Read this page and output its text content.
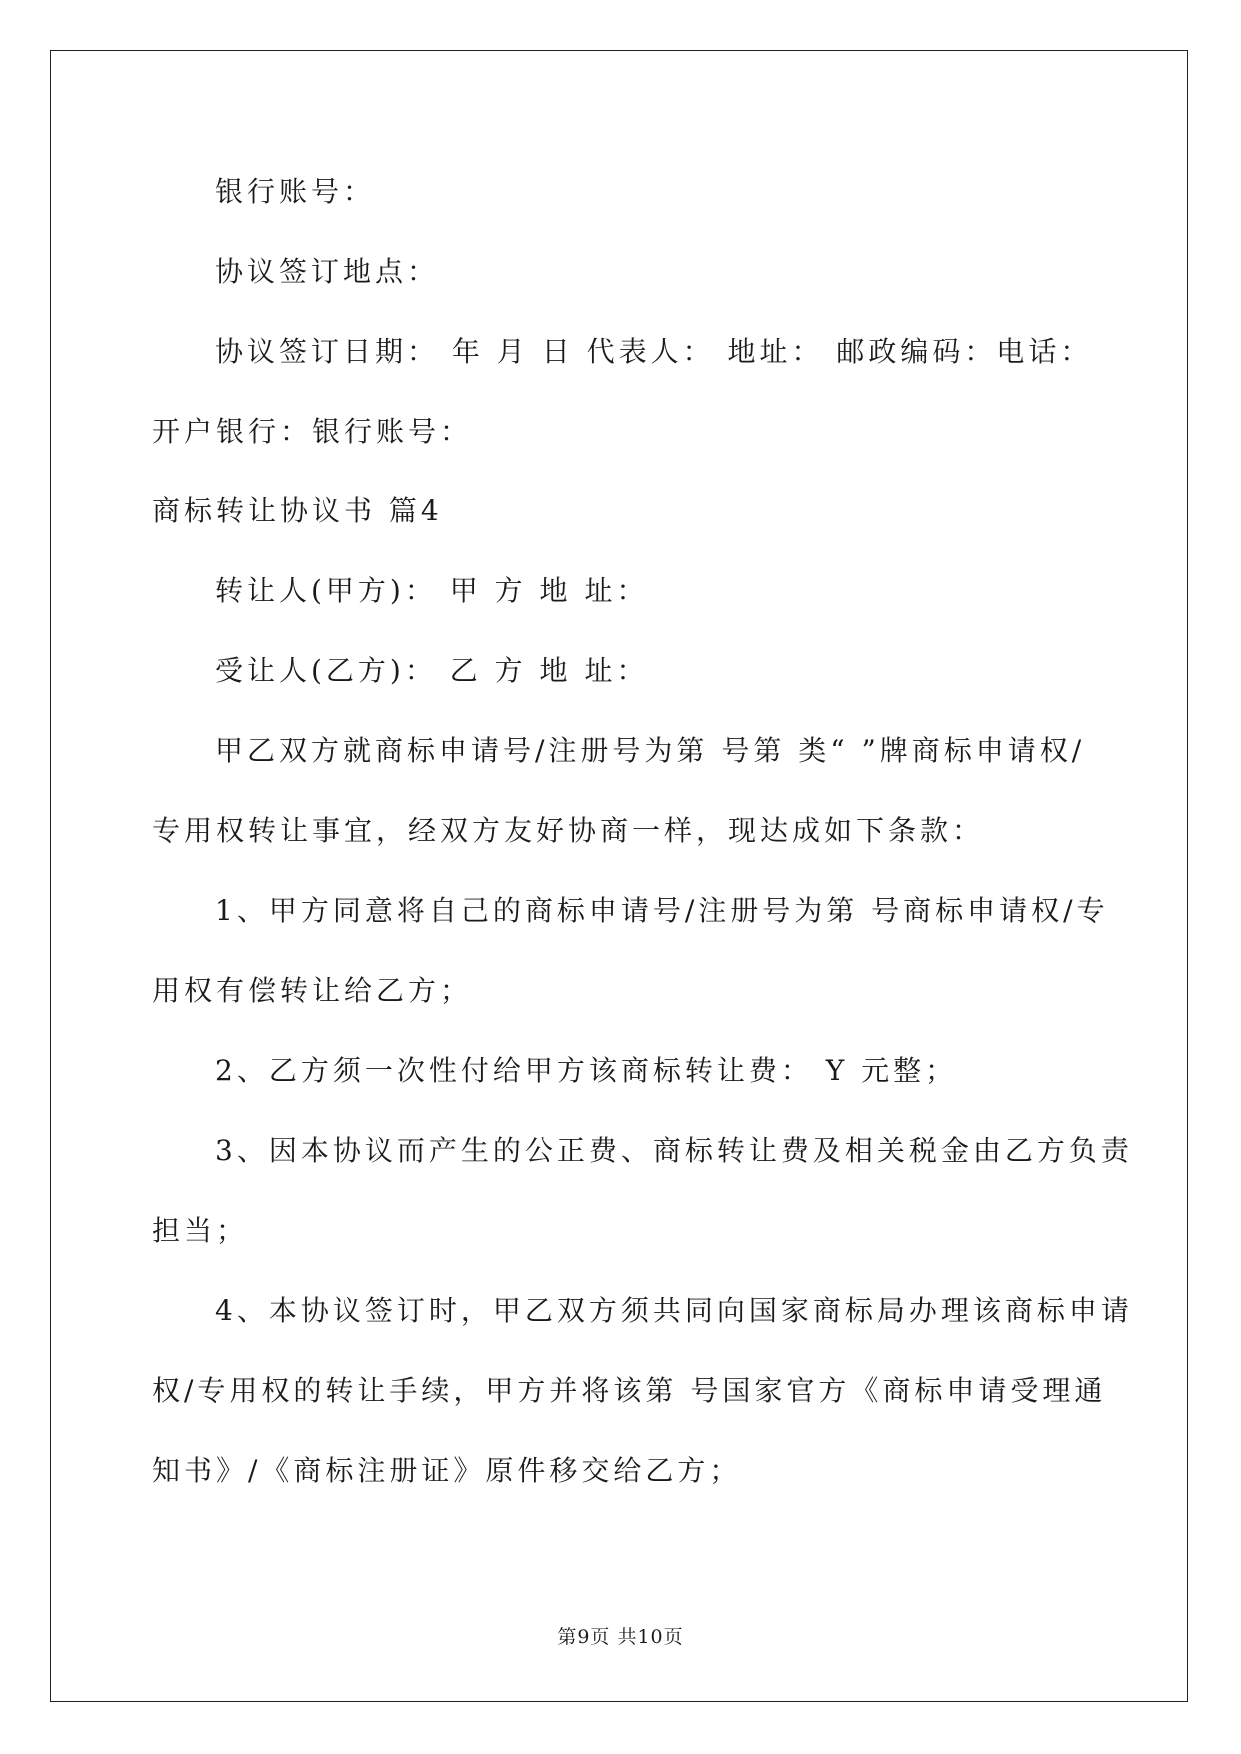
银行账号：
协议签订地点：
协议签订日期： 年 月 日 代表人： 地址： 邮政编码：电话：
开户银行：银行账号：
商标转让协议书 篇4
转让人(甲方)： 甲 方 地 址：
受让人(乙方)： 乙 方 地 址：
甲乙双方就商标申请号/注册号为第 号第 类“ ”牌商标申请权/
专用权转让事宜，经双方友好协商一样，现达成如下条款：
1、甲方同意将自己的商标申请号/注册号为第 号商标申请权/专
用权有偿转让给乙方；
2、乙方须一次性付给甲方该商标转让费： Y 元整；
3、因本协议而产生的公正费、商标转让费及相关税金由乙方负责
担当；
4、本协议签订时，甲乙双方须共同向国家商标局办理该商标申请
权/专用权的转让手续，甲方并将该第 号国家官方《商标申请受理通
知书》/《商标注册证》原件移交给乙方；
第9页 共10页
